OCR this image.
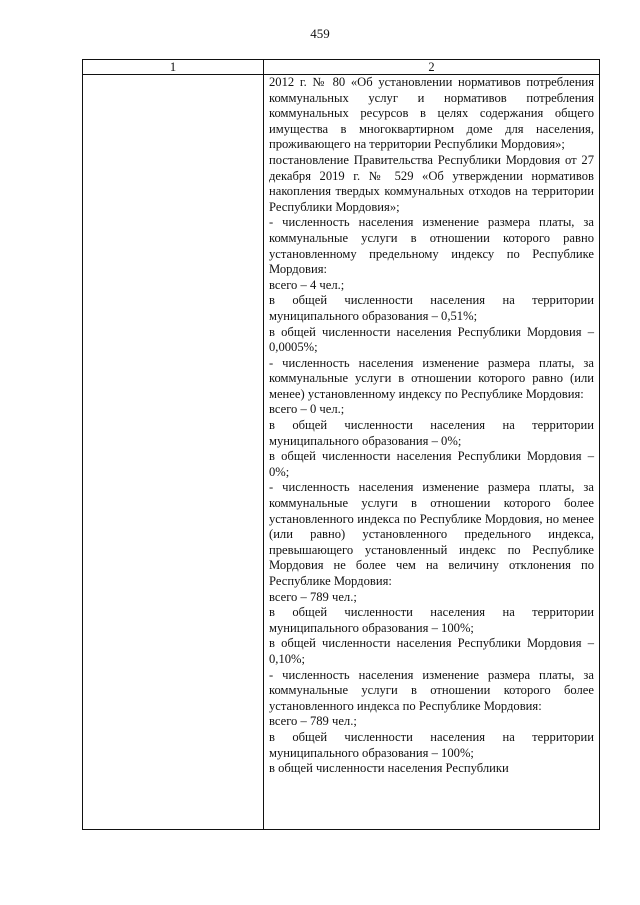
459
1	2

2012 г. № 80 «Об установлении нормативов потребления коммунальных услуг и нормативов потребления коммунальных ресурсов в целях содержания общего имущества в многоквартирном доме для населения, проживающего на территории Республики Мордовия»;

постановление Правительства Республики Мордовия от 27 декабря 2019 г. № 529 «Об утверждении нормативов накопления твердых коммунальных отходов на территории Республики Мордовия»;

- численность населения изменение размера платы, за коммунальные услуги в отношении которого равно установленному предельному индексу по Республике Мордовия:

всего – 4 чел.;

в общей численности населения на территории муниципального образования – 0,51%;

в общей численности населения Республики Мордовия – 0,0005%;

- численность населения изменение размера платы, за коммунальные услуги в отношении которого равно (или менее) установленному индексу по Республике Мордовия:

всего – 0 чел.;

в общей численности населения на территории муниципального образования – 0%;

в общей численности населения Республики Мордовия – 0%;

- численность населения изменение размера платы, за коммунальные услуги в отношении которого более установленного индекса по Республике Мордовия, но менее (или равно) установленного предельного индекса, превышающего установленный индекс по Республике Мордовия не более чем на величину отклонения по Республике Мордовия:

всего – 789 чел.;

в общей численности населения на территории муниципального образования – 100%;

в общей численности населения Республики Мордовия – 0,10%;

- численность населения изменение размера платы, за коммунальные услуги в отношении которого более установленного индекса по Республике Мордовия:

всего – 789 чел.;

в общей численности населения на территории муниципального образования – 100%;

в общей численности населения Республики
